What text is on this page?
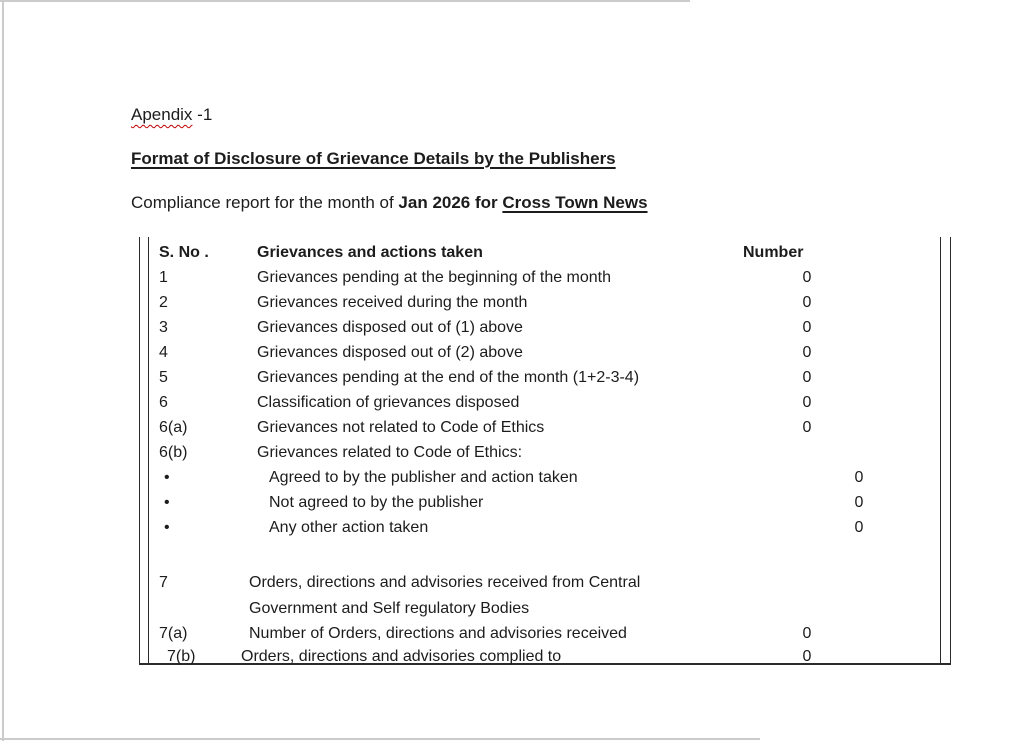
Apendix -1
Format of Disclosure of Grievance Details by the Publishers
Compliance report for the month of Jan 2026 for Cross Town News
S. No .	Grievances and actions taken	Number
1	Grievances pending at the beginning of the month	0
2	Grievances received during the month	0
3	Grievances disposed out of (1) above	0
4	Grievances disposed out of (2) above	0
5	Grievances pending at the end of the month (1+2-3-4)	0
6	Classification of grievances disposed	0
6(a)	Grievances not related to Code of Ethics	0
6(b)	Grievances related to Code of Ethics:
•	Agreed to by the publisher and action taken	0
•	Not agreed to by the publisher	0
•	Any other action taken	0
7	Orders, directions and advisories received from Central Government and Self regulatory Bodies
7(a)	Number of Orders, directions and advisories received	0
7(b)	Orders, directions and advisories complied to	0
